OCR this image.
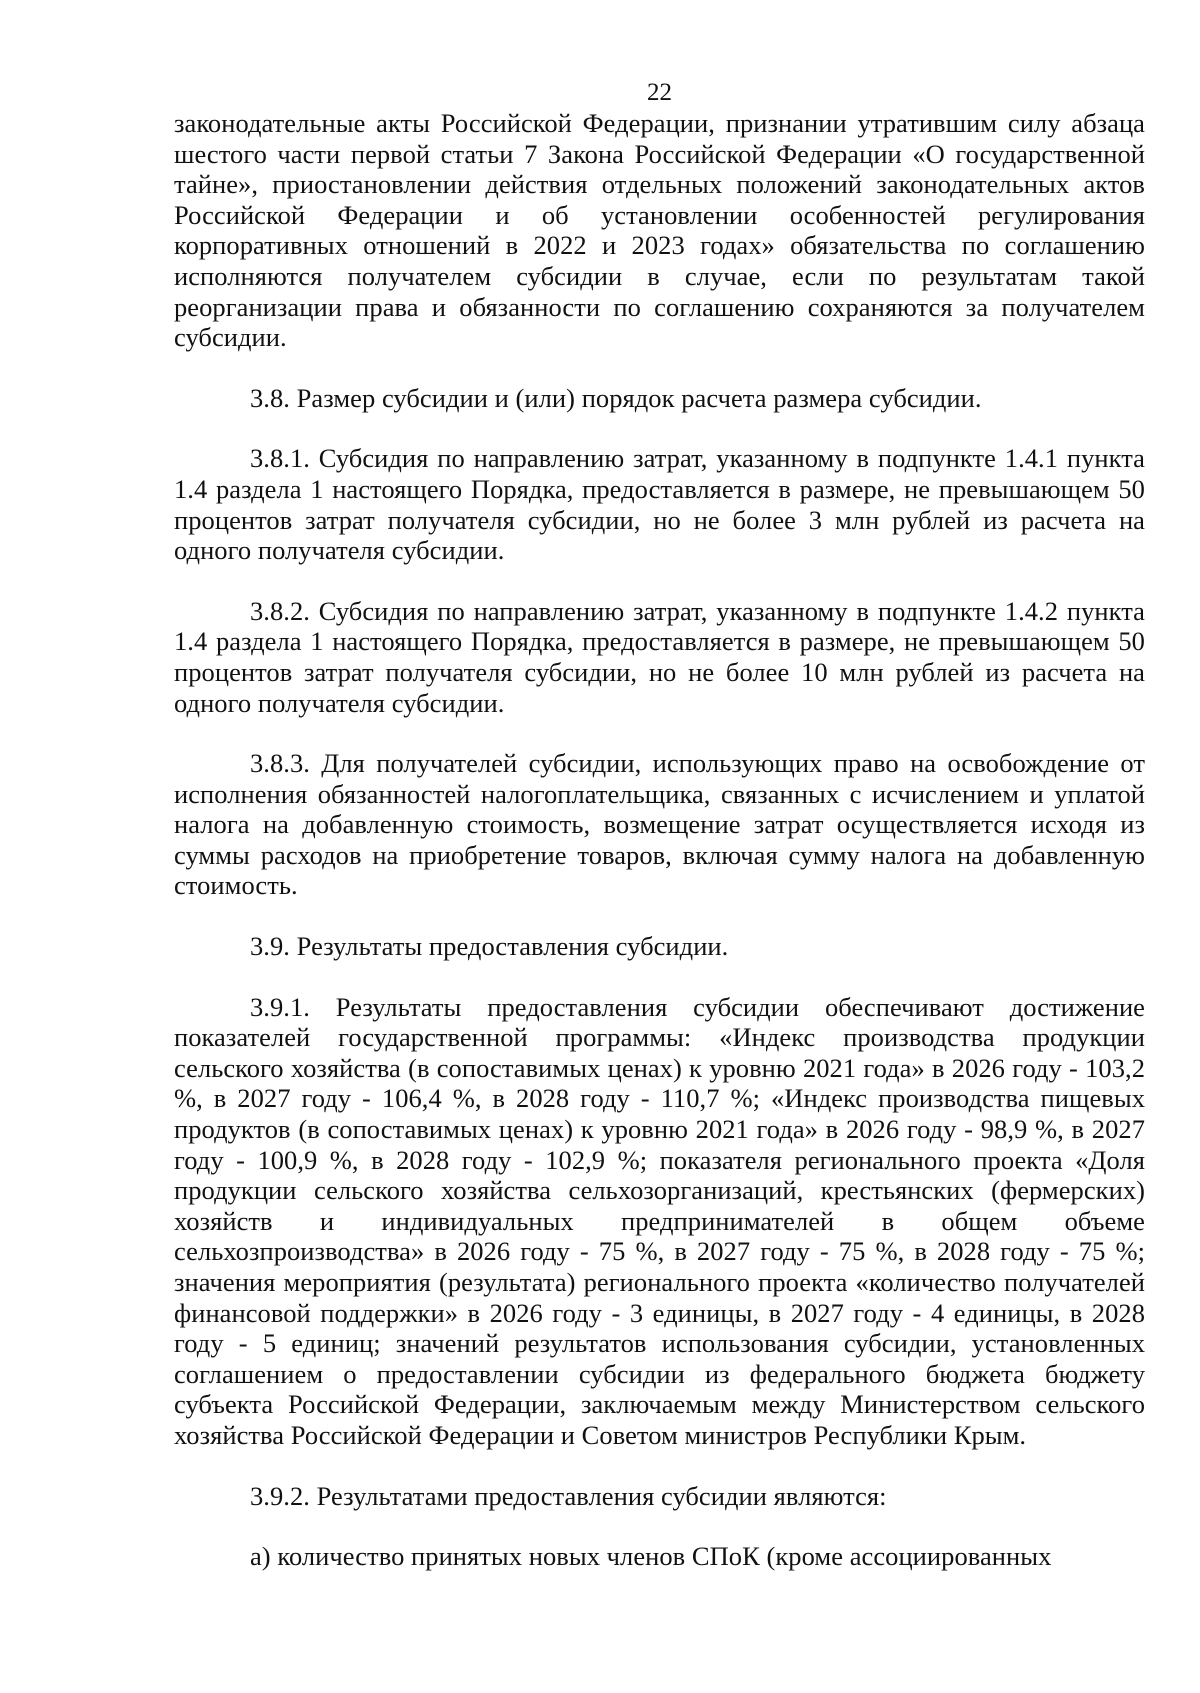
22

законодательные акты Российской Федерации, признании утратившим силу абзаца шестого части первой статьи 7 Закона Российской Федерации «О государственной тайне», приостановлении действия отдельных положений законодательных актов Российской Федерации и об установлении особенностей регулирования корпоративных отношений в 2022 и 2023 годах» обязательства по соглашению исполняются получателем субсидии в случае, если по результатам такой реорганизации права и обязанности по соглашению сохраняются за получателем субсидии.

3.8. Размер субсидии и (или) порядок расчета размера субсидии.

3.8.1. Субсидия по направлению затрат, указанному в подпункте 1.4.1 пункта 1.4 раздела 1 настоящего Порядка, предоставляется в размере, не превышающем 50 процентов затрат получателя субсидии, но не более 3 млн рублей из расчета на одного получателя субсидии.

3.8.2. Субсидия по направлению затрат, указанному в подпункте 1.4.2 пункта 1.4 раздела 1 настоящего Порядка, предоставляется в размере, не превышающем 50 процентов затрат получателя субсидии, но не более 10 млн рублей из расчета на одного получателя субсидии.

3.8.3. Для получателей субсидии, использующих право на освобождение от исполнения обязанностей налогоплательщика, связанных с исчислением и уплатой налога на добавленную стоимость, возмещение затрат осуществляется исходя из суммы расходов на приобретение товаров, включая сумму налога на добавленную стоимость.

3.9. Результаты предоставления субсидии.

3.9.1. Результаты предоставления субсидии обеспечивают достижение показателей государственной программы: «Индекс производства продукции сельского хозяйства (в сопоставимых ценах) к уровню 2021 года» в 2026 году - 103,2 %, в 2027 году - 106,4 %, в 2028 году - 110,7 %; «Индекс производства пищевых продуктов (в сопоставимых ценах) к уровню 2021 года» в 2026 году - 98,9 %, в 2027 году - 100,9 %, в 2028 году - 102,9 %; показателя регионального проекта «Доля продукции сельского хозяйства сельхозорганизаций, крестьянских (фермерских) хозяйств и индивидуальных предпринимателей в общем объеме сельхозпроизводства» в 2026 году - 75 %, в 2027 году - 75 %, в 2028 году - 75 %; значения мероприятия (результата) регионального проекта «количество получателей финансовой поддержки» в 2026 году - 3 единицы, в 2027 году - 4 единицы, в 2028 году - 5 единиц; значений результатов использования субсидии, установленных соглашением о предоставлении субсидии из федерального бюджета бюджету субъекта Российской Федерации, заключаемым между Министерством сельского хозяйства Российской Федерации и Советом министров Республики Крым.

3.9.2. Результатами предоставления субсидии являются:

а) количество принятых новых членов СПоК (кроме ассоциированных
